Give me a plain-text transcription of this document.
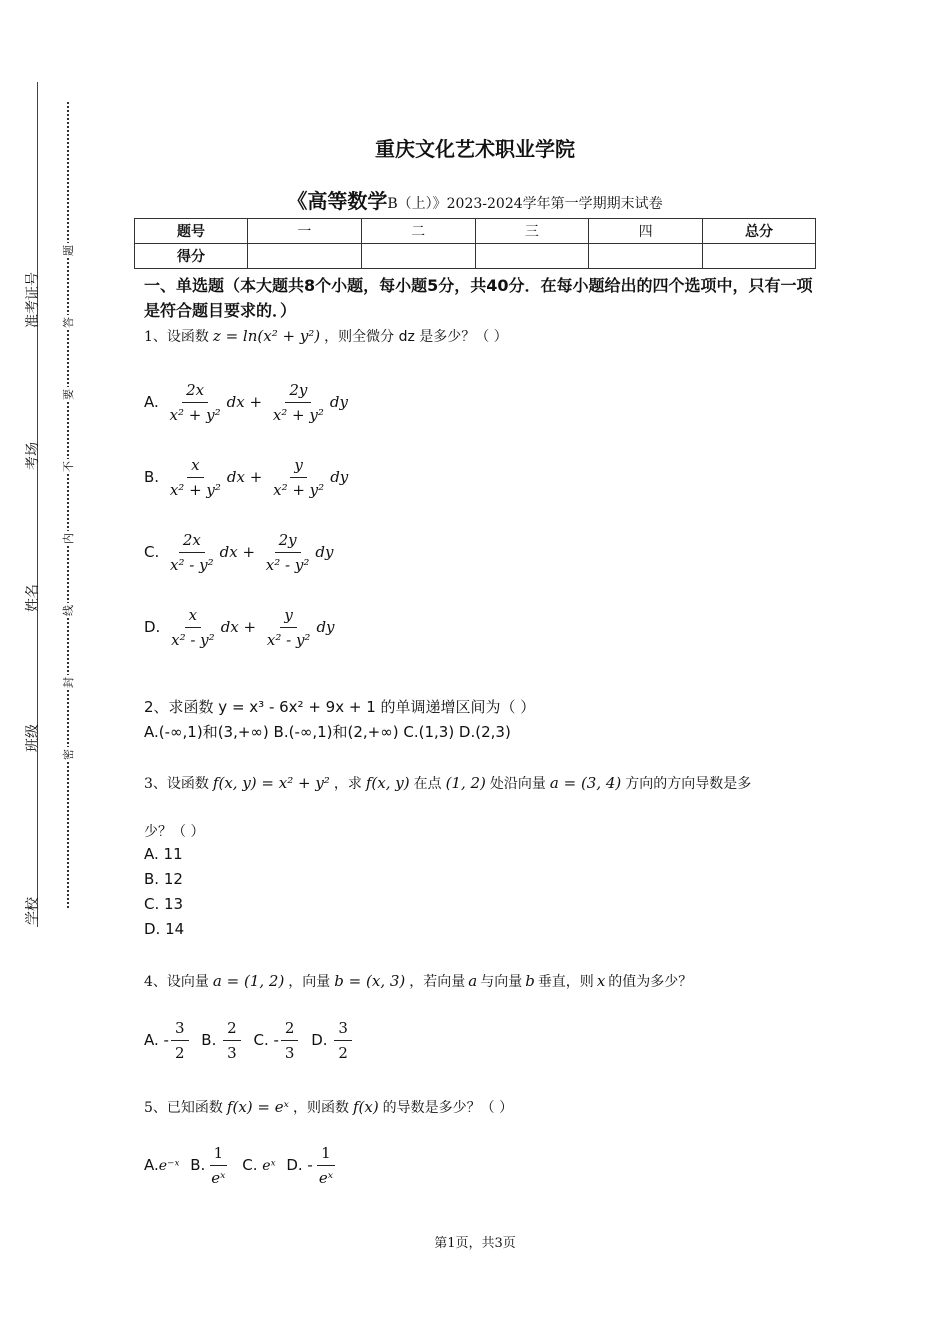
学校
班级
姓名
考场
准考证号
题
答
要
不
内
线
封
密
重庆文化艺术职业学院
《高等数学B（上）》2023-2024学年第一学期期末试卷
题号	一	二	三	四	总分
得分					
一、单选题（本大题共8个小题，每小题5分，共40分．在每小题给出的四个选项中，只有一项是符合题目要求的．）
1、设函数 z = ln(x² + y²) ，则全微分 dz 是多少？（ ）
A. $\frac{2x}{\text{x² + y²}}$ dx + $\frac{2y}{\text{x² + y²}}$ dy
B. $\frac{x}{\text{x² + y²}}$ dx + $\frac{y}{\text{x² + y²}}$ dy
C. $\frac{2x}{\text{x² - y²}}$ dx + $\frac{2y}{\text{x² - y²}}$ dy
D. $\frac{x}{\text{x² - y²}}$ dx + $\frac{y}{\text{x² - y²}}$ dy
2、求函数 y = x³ - 6x² + 9x + 1 的单调递增区间为（ ）
A.(-∞,1)和(3,+∞) B.(-∞,1)和(2,+∞) C.(1,3) D.(2,3)
3、设函数 f(x, y) = x² + y² ，求 f(x, y) 在点 (1, 2) 处沿向量 a = (3, 4) 方向的方向导数是多
少？（ ）
A. 11
B. 12
C. 13
D. 14
4、设向量 a = (1, 2) ，向量 b = (x, 3) ，若向量 a 与向量 b 垂直，则 x 的值为多少？
A. - $\frac{3}{2} B$. $\frac{2}{3} C$. - $\frac{2}{3} D$. $\frac{3}{2}$
5、已知函数 f(x) = eˣ ，则函数 f(x) 的导数是多少？（ ）
A.e⁻ˣ B. $\frac{1}{\text{eˣ}} C$. eˣ D. - $\frac{1}{\text{eˣ}}$
第1页，共3页
